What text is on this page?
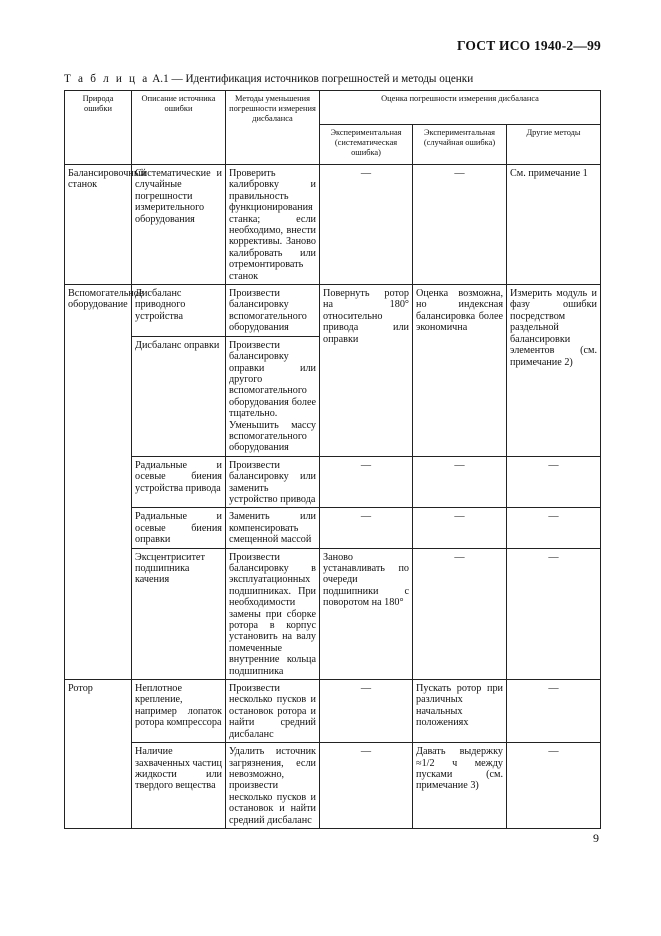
ГОСТ ИСО 1940-2—99
Т а б л и ц а А.1 — Идентификация источников погрешностей и методы оценки
Природа ошибки	Описание источника ошибки	Методы уменьшения погрешности измерения дисбаланса	Оценка погрешности измерения дисбаланса		
			Экспериментальная (систематическая ошибка)	Экспериментальная (случайная ошибка)	Другие методы
Балансировочный станок	Систематические и случайные погрешности измерительного оборудования	Проверить калибровку и правильность функционирования станка; если необходимо, внести коррективы. Заново калибровать или отремонтировать станок	—	—	См. примечание 1
Вспомогательное оборудование	Дисбаланс приводного устройства	Произвести балансировку вспомогательного оборудования	Повернуть ротор на 180° относительно привода или оправки	Оценка возможна, но индексная балансировка более экономична	Измерить модуль и фазу ошибки посредством раздельной балансировки элементов (см. примечание 2)
	Дисбаланс оправки	Произвести балансировку оправки или другого вспомогательного оборудования более тщательно. Уменьшить массу вспомогательного оборудования			
	Радиальные и осевые биения устройства привода	Произвести балансировку или заменить устройство привода	—	—	—
	Радиальные и осевые биения оправки	Заменить или компенсировать смещенной массой	—	—	—
	Эксцентриситет подшипника качения	Произвести балансировку в эксплуатационных подшипниках. При необходимости замены при сборке ротора в корпус установить на валу помеченные внутренние кольца подшипника	Заново устанавливать по очереди подшипники с поворотом на 180°	—	—
Ротор	Неплотное крепление, например лопаток ротора компрессора	Произвести несколько пусков и остановок ротора и найти средний дисбаланс	—	Пускать ротор при различных начальных положениях	—
	Наличие захваченных частиц жидкости или твердого вещества	Удалить источник загрязнения, если невозможно, произвести несколько пусков и остановок и найти средний дисбаланс	—	Давать выдержку ≈1/2 ч между пусками (см. примечание 3)	—
9
